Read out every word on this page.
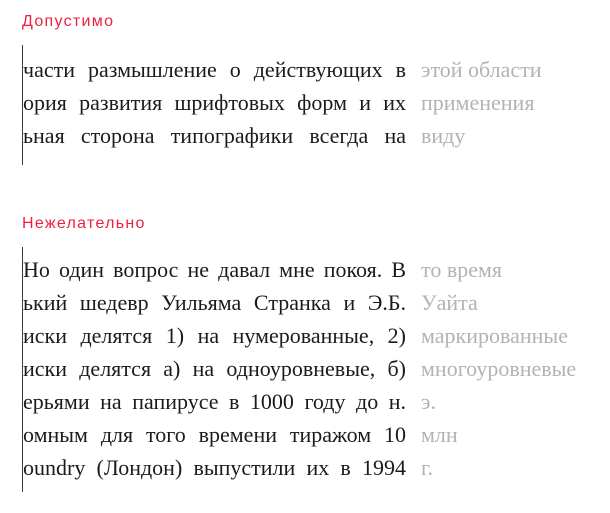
Допустимо
части размышление о действующих в этой области
ория развития шрифтовых форм и их применения
ьная сторона типографики всегда на виду
Нежелательно
Но один вопрос не давал мне покоя. В то время
ький шедевр Уильяма Странка и Э.Б. Уайта
иски делятся 1) на нумерованные, 2) маркированные
иски делятся а) на одноуровневые, б) многоуровневые
ерьями на папирусе в 1000 году до н. э.
омным для того времени тиражом 10 млн
oundry (Лондон) выпустили их в 1994 г.
